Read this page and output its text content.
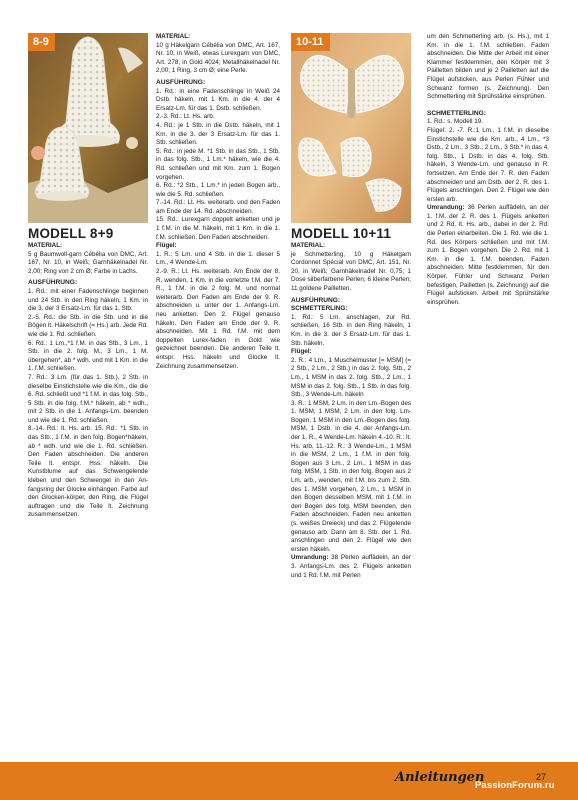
8-9	10-11

MODELL 8+9

MATERIAL:

5 g Baumwoll-garn Cébélia von DMC, Art. 167, Nr. 10, in Weiß; Garnhäkelnadel Nr. 2,00; Ring von 2 cm Ø; Farbe in Lachs.

AUSFÜHRUNG:

1. Rd.: mit einer Fadenschlinge beginnen und 24 Stb. in den Ring häkeln, 1 Km. in die 3. der 3 Ersatz-Lm. für das 1. Stb.

2.-5. Rd.: die Stb. in die Stb. und in die Bögen lt. Häkelschrift (= Hs.) arb. Jede Rd. wie die 1. Rd. schließen.

6. Rd.: 1 Lm.,*1 f.M. in das Stb., 3 Lm., 1 Stb. in die 2. folg. M., 3 Lm., 1 M. übergehen*, ab * wdh. und mit 1 Km. in die 1. f.M. schließen.

7. Rd.: 3 Lm. (für das 1. Stb.), 2 Stb. in dieselbe Einstichstelle wie die Km., die die 6. Rd. schließt und *1 f.M. in das folg. Stb., 5 Stb. in die folg. f.M.* häkeln, ab * wdh., mit 2 Stb. in die 1. Anfangs-Lm. beenden und wie die 1. Rd. schließen.

8.-14. Rd.: lt. Hs. arb. 15. Rd.: *1 Stb. in das Stb., 1 f.M. in den folg. Bogen*häkeln, ab * wdh. und wie die 1. Rd. schließen. Den Faden abschneiden. Die anderen Teile lt. entspr. Hss. häkeln. Die Kunstblume auf das Schwengelende kleben und den Schwengel in den An-fangsring der Glocke einhängen. Farbe auf den Glocken-körper, den Ring, die Flügel auftragen und die Teile lt. Zeichnung zusammensetzen.

MATERIAL:

10 g Häkelgarn Cébélia von DMC, Art. 167, Nr. 10, in Weiß, etwas Lurexgarn von DMC, Art. 278, in Gold 4024; Metallhäkelnadel Nr. 2,00; 1 Ring, 3 cm Ø; eine Perle.

AUSFÜHRUNG:

1. Rd.: in eine Fadenschlinge in Weiß 24 Dstb. häkeln, mit 1 Km. in die 4. der 4 Ersatz-Lm. für das 1. Dstb. schließen.

2.-3. Rd.: Lt. Hs. arb.

4. Rd.: je 1 Stb. in die Dstb. häkeln, mit 1 Km. in die 3. der 3 Ersatz-Lm. für das 1. Stb. schließen.

5. Rd.: in jede M. *1 Stb. in das Stb., 1 Stb. in das folg. Stb., 1 Lm.* häkeln, wie die 4. Rd. schließen und mit Km. zum 1. Bogen vorgehen.

6. Rd.: *2 Stb., 1 Lm.* in jeden Bogen arb., wie die 5. Rd. schließen.

7.-14. Rd.: Lt. Hs. weiterarb. und den Faden am Ende der 14. Rd. abschneiden.

15. Rd.: Lurexgarn doppelt anketten und je 1 f.M. in die M. häkeln, mit 1 Km. in die 1. f.M. schließen. Den Faden abschneiden.

Flügel:

1. R.: 5 Lm. und 4 Stb. in die 1. dieser 5 Lm., 4 Wende-Lm.

2.-9. R.: Lt. Hs. weiterarb. Am Ende der 8. R. wenden, 1 Km. in die vorletzte f.M. der 7. R., 1 f.M. in die 2 folg. M. und normal weiterarb. Den Faden am Ende der 9. R. abschneiden u. unter der 1. Anfangs-Lm. neu anketten. Den 2. Flügel genauso häkeln. Den Faden am Ende der 9. R. abschneiden. Mit 1 Rd. f.M. mit dem doppelten Lurex-faden in Gold wie gezeichnet beenden. Die anderen Teile lt. entspr. Hss. häkeln und Glocke lt. Zeichnung zusammensetzen.

MODELL 10+11

MATERIAL:

je Schmetterling, 10 g Häkelgarn Cordonnet Spécial von DMC, Art. 151, Nr. 20, in Weiß; Garnhäkelnadel Nr. 0,75; 1 Dose silberfarbene Perlen; 6 kleine Perlen; 11 goldene Pailletten.

AUSFÜHRUNG:

SCHMETTERLING:

1. Rd.: 5 Lm. anschlagen, zur Rd. schließen, 16 Stb. in den Ring häkeln, 1 Km. in die 3. der 3 Ersatz-Lm. für das 1. Stb. häkeln.

Flügel:

2. R.: 4 Lm., 1 Muschelmuster [= MSM] (= 2 Stb., 2 Lm., 2 Stb.) in das 2. folg. Stb., 2 Lm., 1 MSM in das 2. folg. Stb., 2 Lm., 1 MSM in das 2. folg. Stb., 1 Stb. in das folg. Stb., 3 Wende-Lm. häkeln

3. R.: 1 MSM, 2 Lm. in den Lm.-Bogen des 1. MSM, 1 MSM, 2 Lm. in den folg. Lm-Bogen, 1 MSM in den Lm.-Bogen des folg. MSM, 1 Dstb. in die 4. der Anfangs-Lm. der 1. R., 4 Wende-Lm. häkeln 4.-10. R.: lt. Hs. arb. 11.-12. R.: 3 Wende-Lm., 1 MSM in die MSM, 2 Lm., 1 f.M. in den folg. Bogen aus 3 Lm., 2 Lm., 1 MSM in das folg. MSM, 1 Stb. in den folg. Bogen aus 2 Lm. arb., wenden, mit f.M. bis zum 2. Stb. des 1. MSM vorgehen, 2 Lm., 1 MSM in den Bogen desselben MSM, mit 1 f.M. in den Bogen des folg. MSM beenden, den Faden abschneiden. Faden neu anketten (s. weißes Dreieck) und das 2. Flügelende genauso arb. Dann am 8. Stb. der 1. Rd. anschlingen und den 2. Flügel wie den ersten häkeln.

Umrandung: 38 Perlen auffädeln, an der 3. Anfangs-Lm. des 2. Flügels anketten und 1 Rd. f.M. mit Perlen

um den Schmetterling arb. (s. Hs.), mit 1 Km. in die 1. f.M. schließen. Faden abschneiden. Die Mitte der Arbeit mit einer Klammer festklemmen, den Körper mit 3 Pailletten bilden und je 2 Pailletten auf die Flügel aufsticken, aus Perlen Fühler und Schwanz formen (s. Zeichnung). Den Schmetterling mit Sprühstärke einsprühen.

SCHMETTERLING:

1. Rd.: s. Modell 19.

Flügel: 2. -7. R.:1 Lm., 1 f.M. in dieselbe Einstichstelle wie die Km. arb., 4 Lm., *3 Dstb., 2 Lm., 3 Stb., 2 Lm., 3 Stb.* in das 4. folg. Stb., 1 Dstb. in das 4. folg. Stb. häkeln, 3 Wende-Lm. und genauso in R. fortsetzen. Am Ende der 7. R. den Faden abschneiden und am Dstb. der 2. R. des 1. Flügels anschlingen. Den 2. Flügel wie den ersten arb.

Umrandung: 36 Perlen auffädeln, an der 1. f.M. der 2. R. des 1. Flügels anketten und 2 Rd. lt. Hs. arb., dabei in der 2. Rd. die Perlen einarbeiten. Die 1. Rd. wie die 1. Rd. des Körpers schließen und mit f.M. zum 1. Bogen vorgehen. Die 2. Rd. mit 1 Km. in die 1. f.M. beenden, Faden abschneiden. Mitte festklemmen, für den Körper, Fühler und Schwanz Perlen befestigen, Pailletten (s. Zeichnung) auf die Flügel aufsticken. Arbeit mit Sprühstärke einsprühen.

Anleitungen	27
PassionForum.ru
